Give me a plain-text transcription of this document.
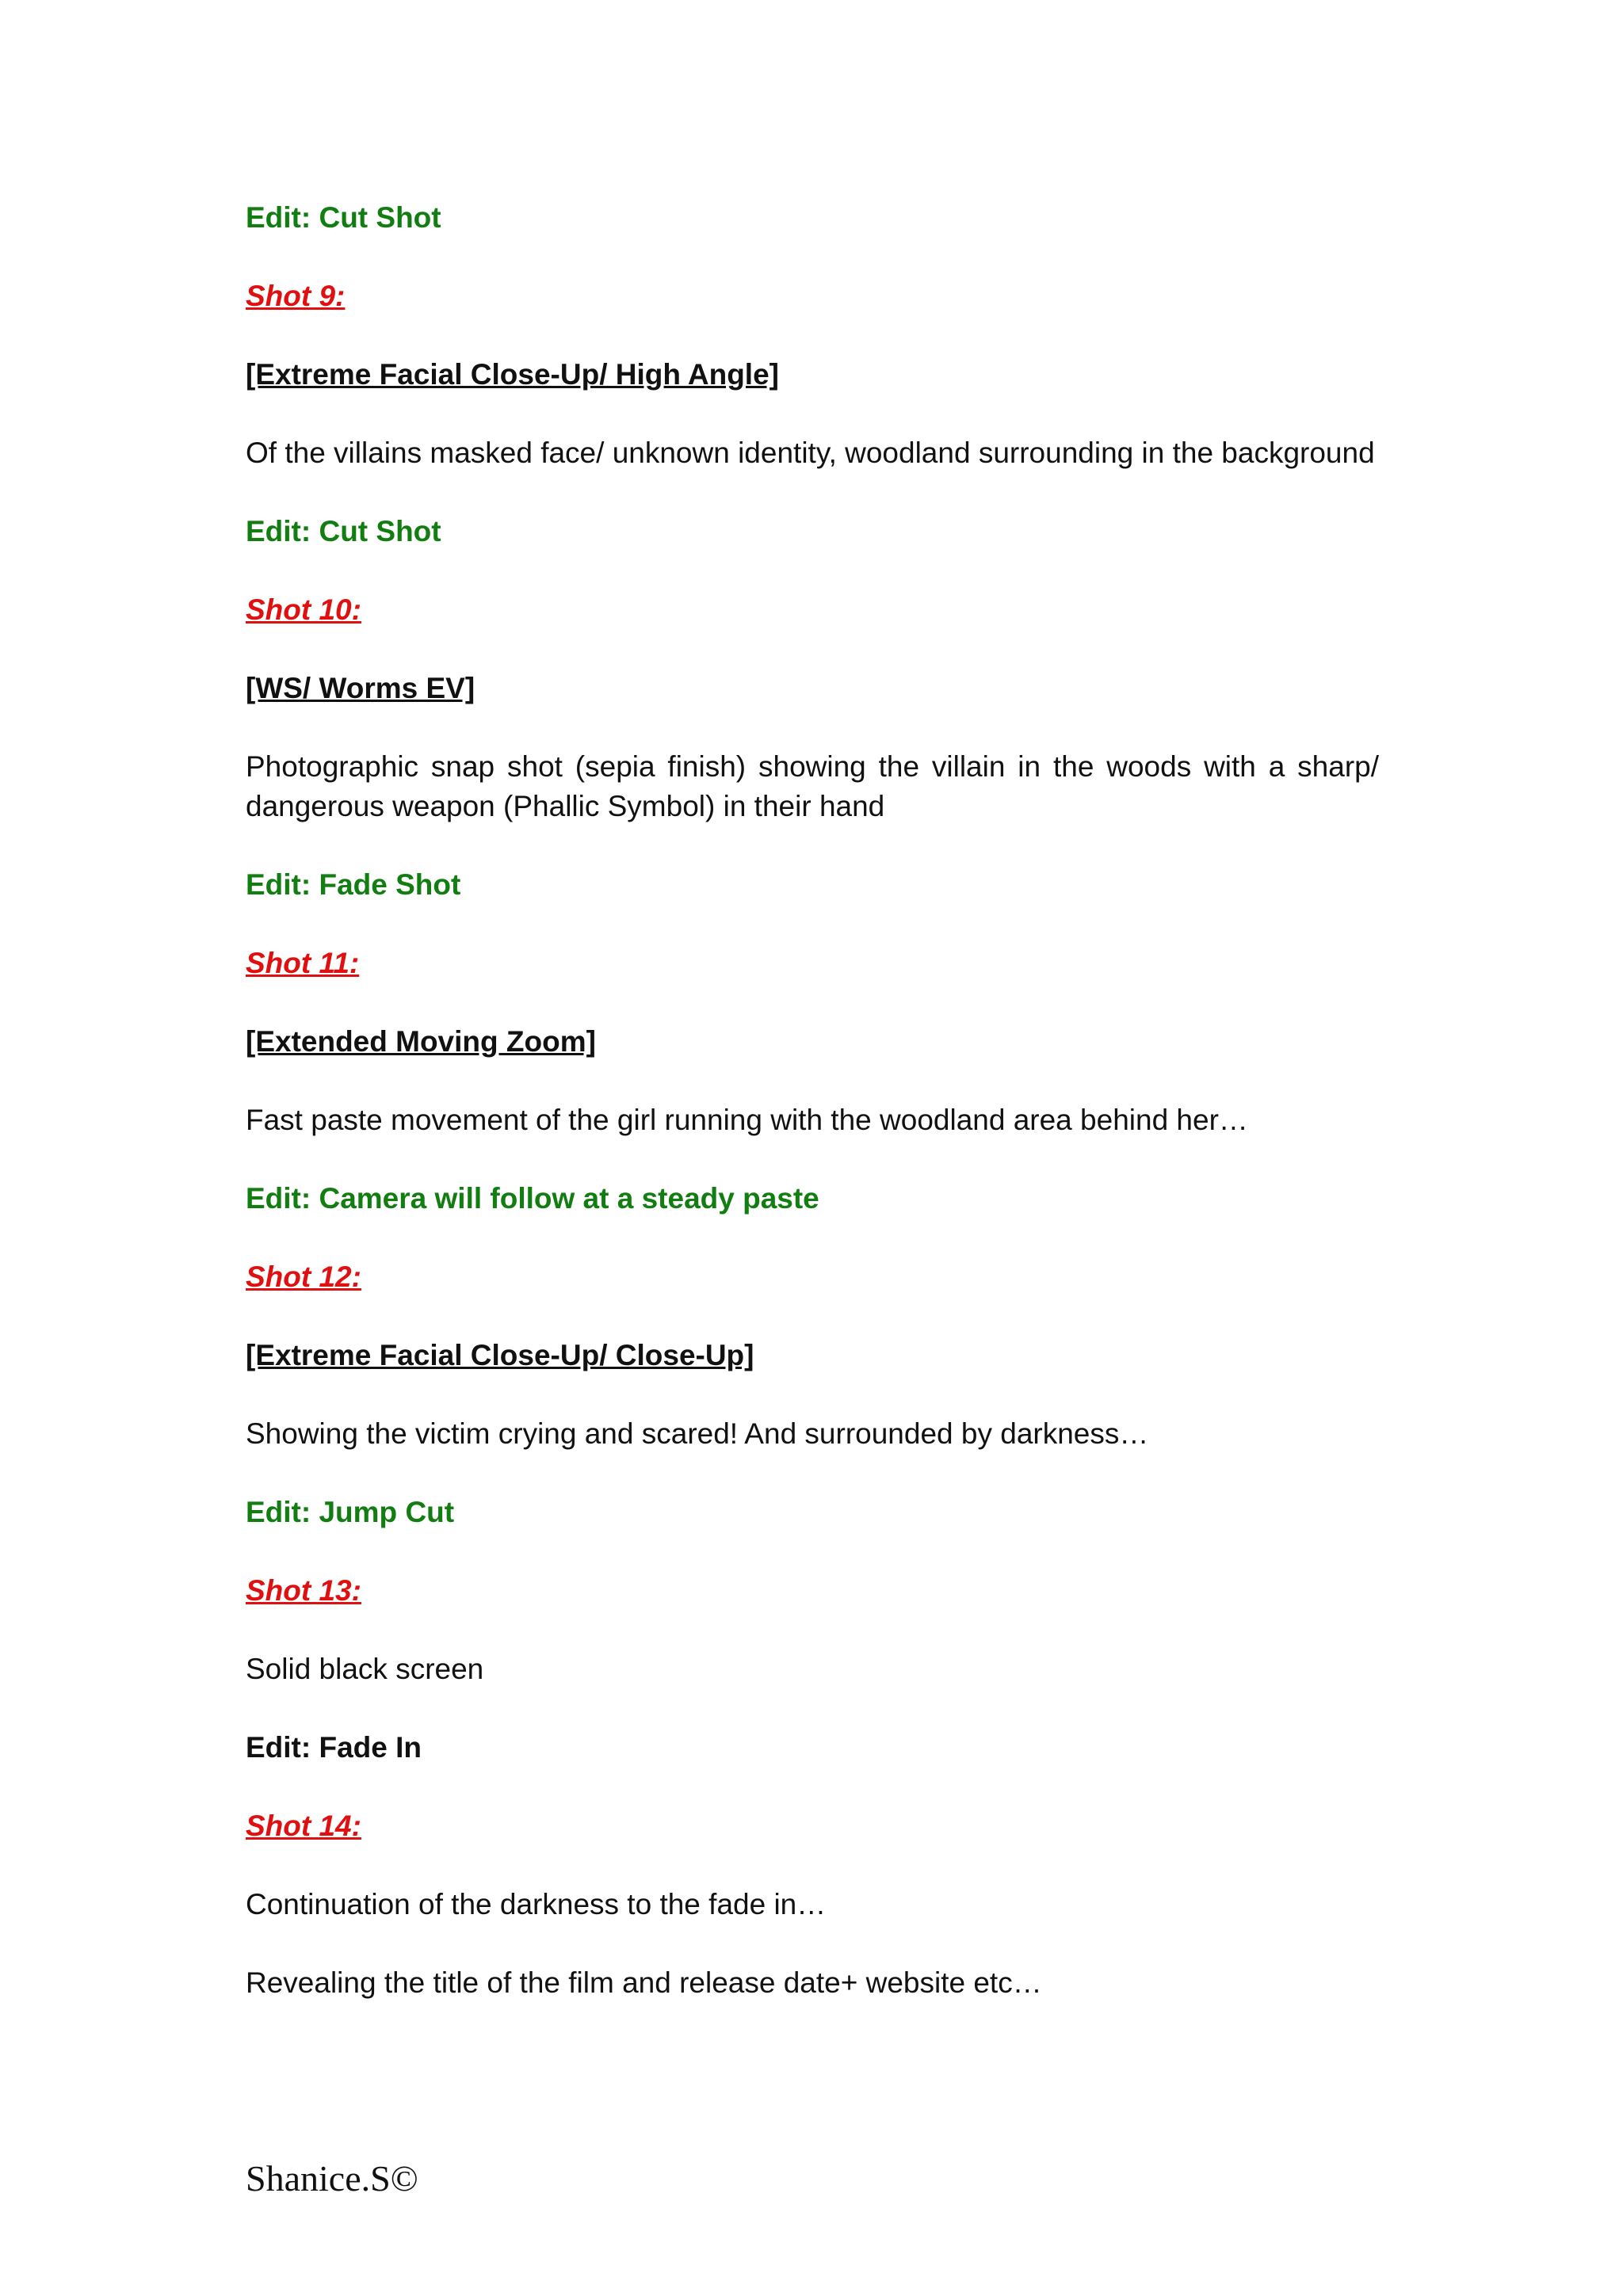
Edit: Cut Shot

Shot 9:

[Extreme Facial Close-Up/ High Angle]

Of the villains masked face/ unknown identity, woodland surrounding in the background

Edit: Cut Shot

Shot 10:

[WS/ Worms EV]

Photographic snap shot (sepia finish) showing the villain in the woods with a sharp/ dangerous weapon (Phallic Symbol) in their hand

Edit: Fade Shot

Shot 11:

[Extended Moving Zoom]

Fast paste movement of the girl running with the woodland area behind her…

Edit: Camera will follow at a steady paste

Shot 12:

[Extreme Facial Close-Up/ Close-Up]

Showing the victim crying and scared! And surrounded by darkness…

Edit: Jump Cut

Shot 13:

Solid black screen

Edit: Fade In

Shot 14:

Continuation of the darkness to the fade in…

Revealing the title of the film and release date+ website etc…

Shanice.S©
